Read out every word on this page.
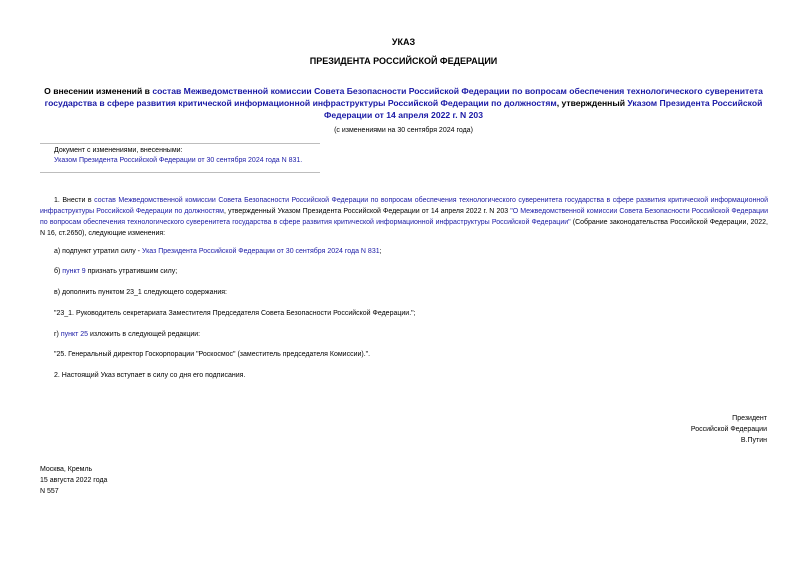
УКАЗ
ПРЕЗИДЕНТА РОССИЙСКОЙ ФЕДЕРАЦИИ
О внесении изменений в состав Межведомственной комиссии Совета Безопасности Российской Федерации по вопросам обеспечения технологического суверенитета государства в сфере развития критической информационной инфраструктуры Российской Федерации по должностям, утвержденный Указом Президента Российской Федерации от 14 апреля 2022 г. N 203
(с изменениями на 30 сентября 2024 года)
Документ с изменениями, внесенными:
Указом Президента Российской Федерации от 30 сентября 2024 года N 831.
1. Внести в состав Межведомственной комиссии Совета Безопасности Российской Федерации по вопросам обеспечения технологического суверенитета государства в сфере развития критической информационной инфраструктуры Российской Федерации по должностям, утвержденный Указом Президента Российской Федерации от 14 апреля 2022 г. N 203 "О Межведомственной комиссии Совета Безопасности Российской Федерации по вопросам обеспечения технологического суверенитета государства в сфере развития критической информационной инфраструктуры Российской Федерации" (Собрание законодательства Российской Федерации, 2022, N 16, ст.2650), следующие изменения:
а) подпункт утратил силу - Указ Президента Российской Федерации от 30 сентября 2024 года N 831;
б) пункт 9 признать утратившим силу;
в) дополнить пунктом 23_1 следующего содержания:
"23_1. Руководитель секретариата Заместителя Председателя Совета Безопасности Российской Федерации.";
г) пункт 25 изложить в следующей редакции:
"25. Генеральный директор Госкорпорации "Роскосмос" (заместитель председателя Комиссии).".
2. Настоящий Указ вступает в силу со дня его подписания.
Президент
Российской Федерации
В.Путин
Москва, Кремль
15 августа 2022 года
N 557
